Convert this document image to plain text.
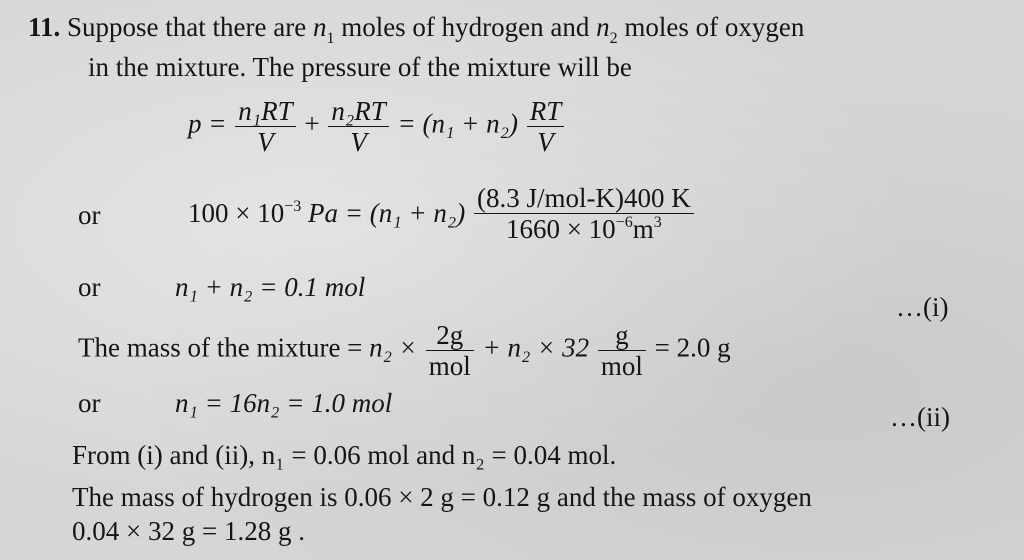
11. Suppose that there are $n_1$ moles of hydrogen and $n_2$ moles of oxygen
in the mixture. The pressure of the mixture will be
$p = \frac{\text{n₁RT}}{V} + \frac{\text{n₂RT}}{V} = (n_1 + n_2) \frac{RT}{V}$
or	$100 \times 10^{-3}$ $Pa = (n_1 + n_2) \frac{\text{(8.3 J/mol-K)400 K}}{1660 \times 10^{-6}m^3}$
or	n₁ + n₂ = 0.1 mol
…(i)
The mass of the mixture = $n_2 \times \frac{2g}{\text{mol}} + n_2 \times 32 \frac{g}{\text{mol}} = 2.0$ g
or	n₁ = 16n₂ = 1.0 mol	…(ii)
From (i) and (ii), n₁ = 0.06 mol and n₂ = 0.04 mol.
The mass of hydrogen is 0.06 × 2 g = 0.12 g and the mass of oxygen
0.04 × 32 g = 1.28 g .
